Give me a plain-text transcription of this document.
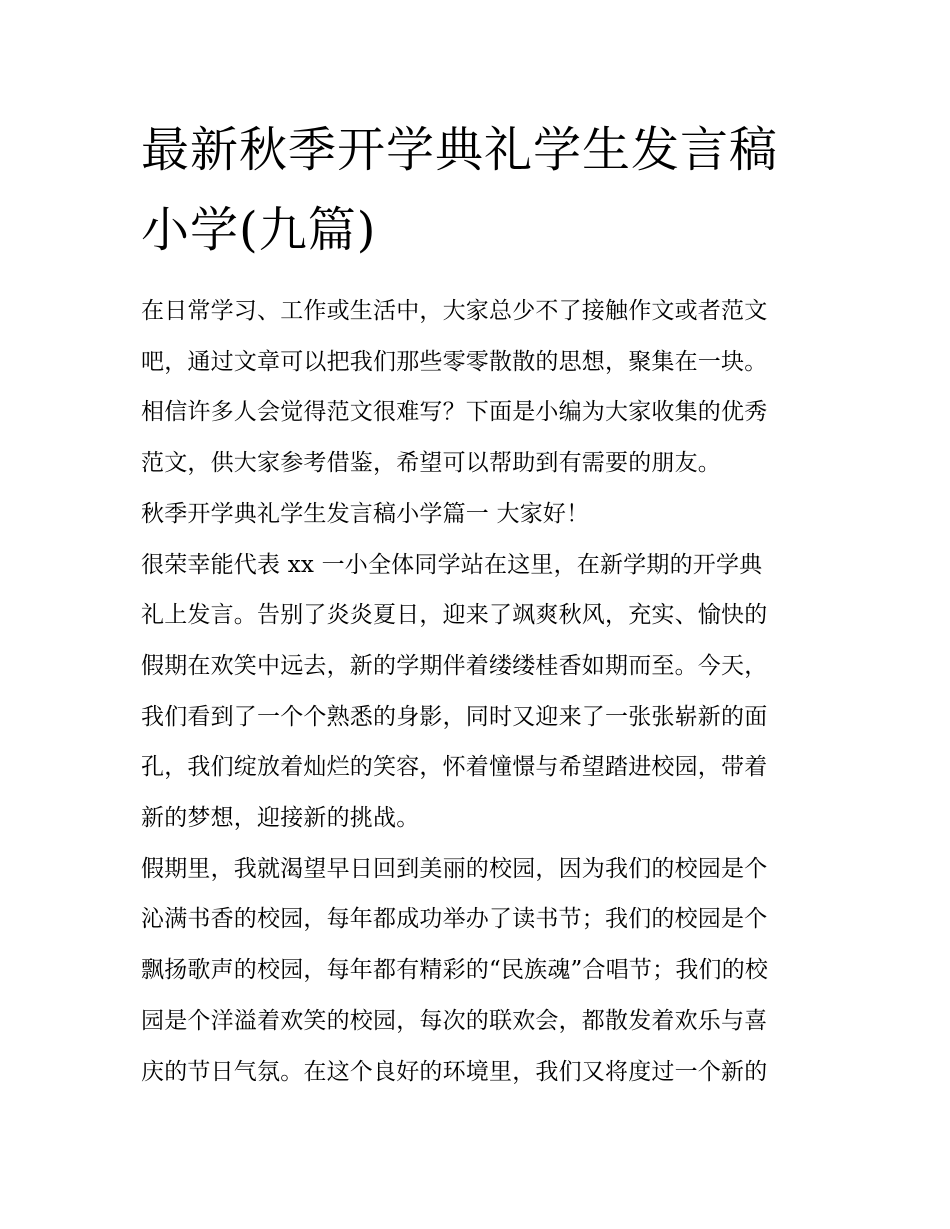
最新秋季开学典礼学生发言稿
小学(九篇)
在日常学习、工作或生活中，大家总少不了接触作文或者范文
吧，通过文章可以把我们那些零零散散的思想，聚集在一块。
相信许多人会觉得范文很难写？下面是小编为大家收集的优秀
范文，供大家参考借鉴，希望可以帮助到有需要的朋友。
秋季开学典礼学生发言稿小学篇一 大家好！
很荣幸能代表 xx 一小全体同学站在这里，在新学期的开学典
礼上发言。告别了炎炎夏日，迎来了飒爽秋风，充实、愉快的
假期在欢笑中远去，新的学期伴着缕缕桂香如期而至。今天，
我们看到了一个个熟悉的身影，同时又迎来了一张张崭新的面
孔，我们绽放着灿烂的笑容，怀着憧憬与希望踏进校园，带着
新的梦想，迎接新的挑战。
假期里，我就渴望早日回到美丽的校园，因为我们的校园是个
沁满书香的校园，每年都成功举办了读书节；我们的校园是个
飘扬歌声的校园，每年都有精彩的“民族魂”合唱节；我们的校
园是个洋溢着欢笑的校园，每次的联欢会，都散发着欢乐与喜
庆的节日气氛。在这个良好的环境里，我们又将度过一个新的
